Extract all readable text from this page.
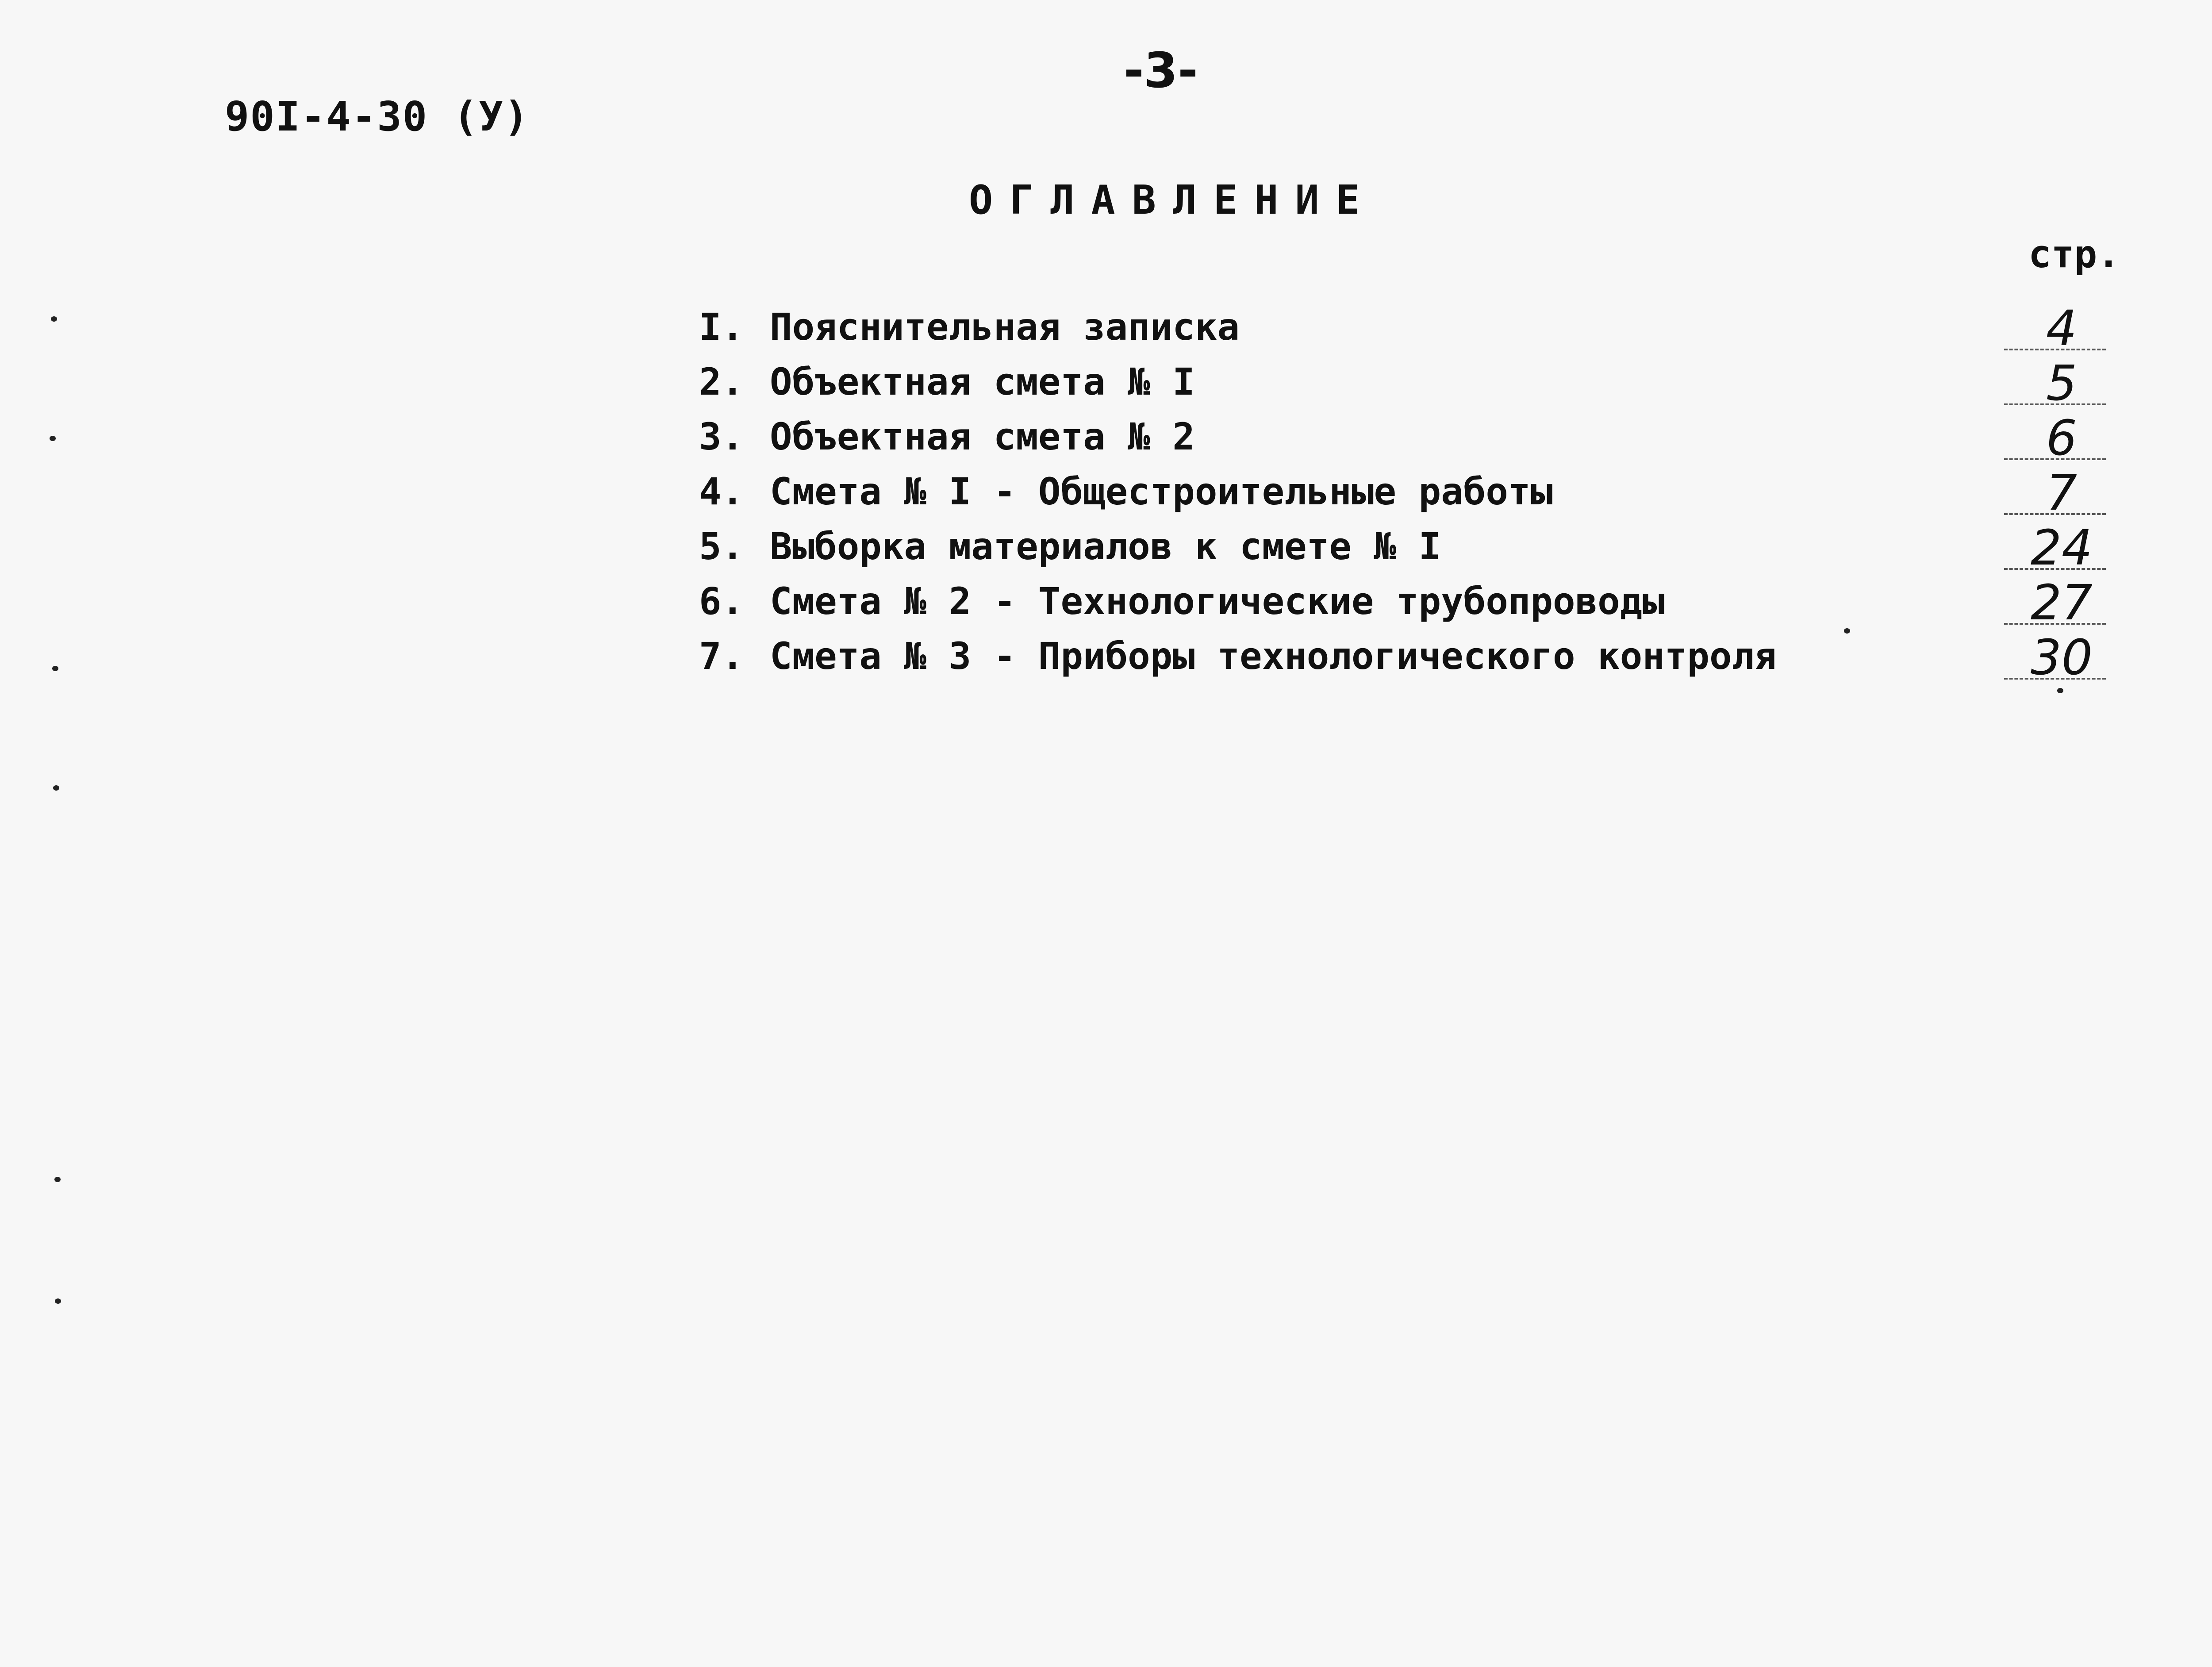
90I-4-30 (У)
-3-
ОГЛАВЛЕНИЕ
стр.
I. Пояснительная записка	4
2. Объектная смета № I	5
3. Объектная смета № 2	6
4. Смета № I - Общестроительные работы	7
5. Выборка материалов к смете № I	24
6. Смета № 2 - Технологические трубопроводы	27
7. Смета № 3 - Приборы технологического контроля	30
